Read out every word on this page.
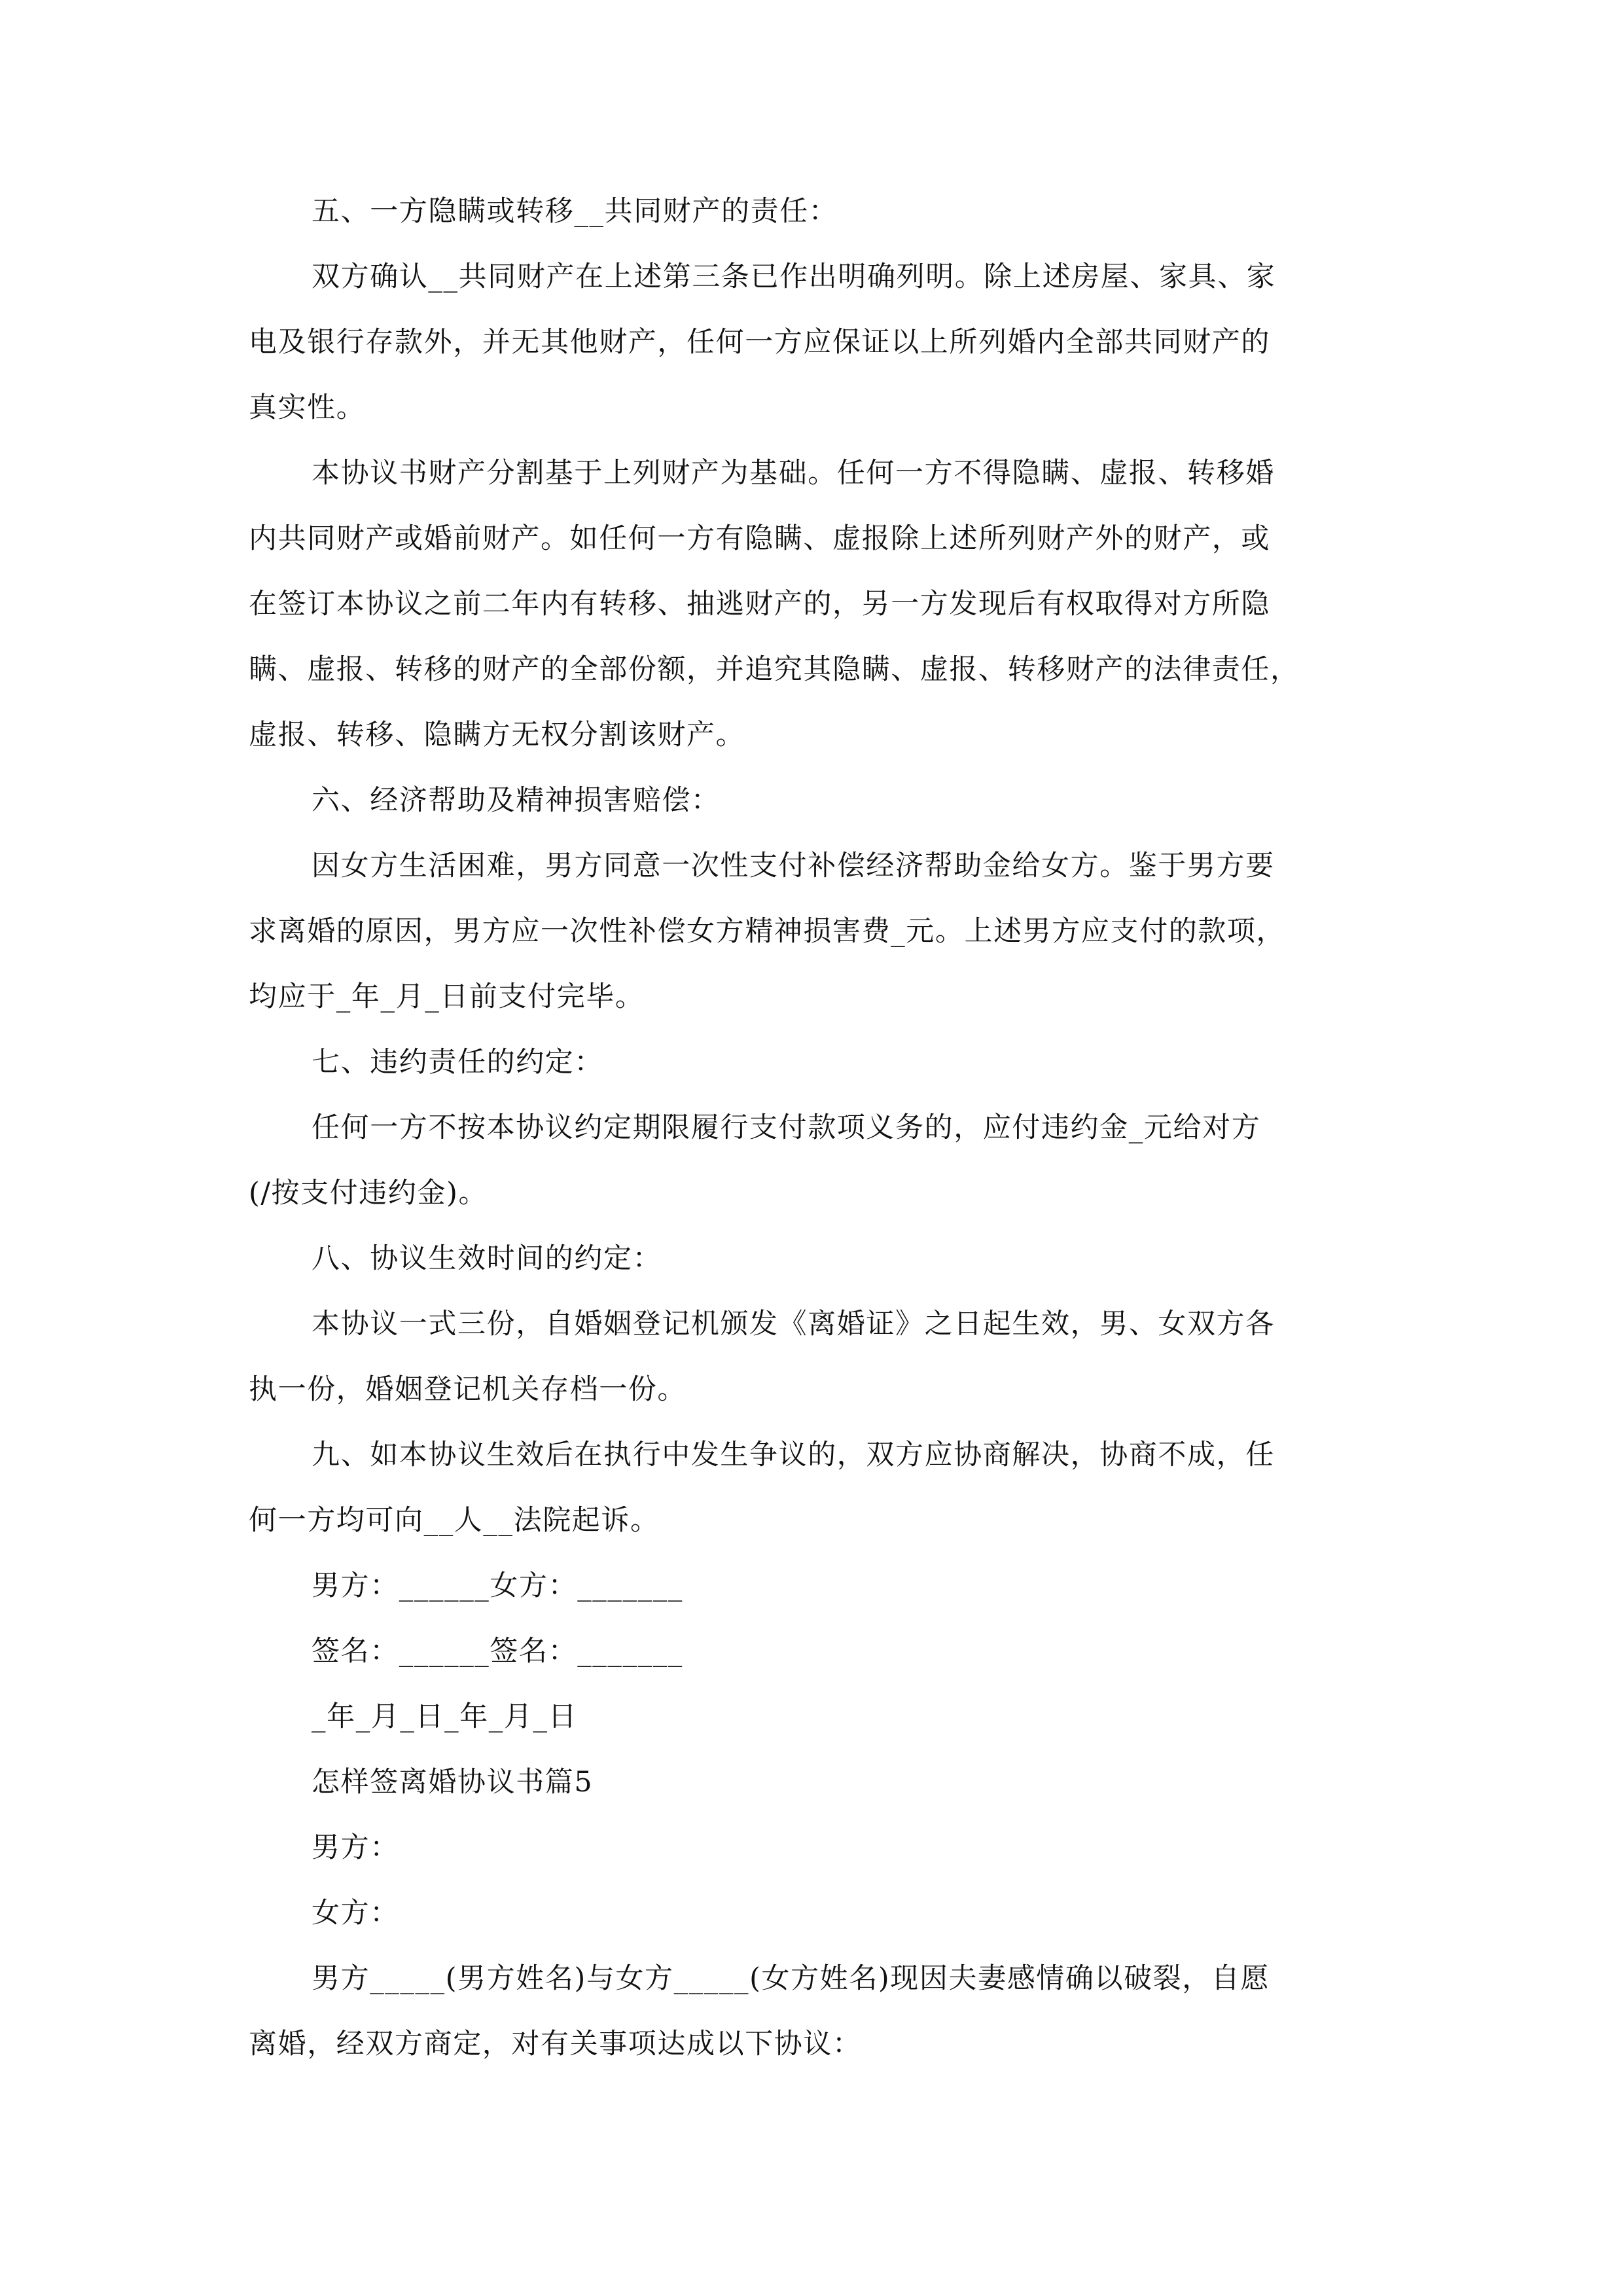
五、一方隐瞒或转移__共同财产的责任：
双方确认__共同财产在上述第三条已作出明确列明。除上述房屋、家具、家
电及银行存款外，并无其他财产，任何一方应保证以上所列婚内全部共同财产的
真实性。
本协议书财产分割基于上列财产为基础。任何一方不得隐瞒、虚报、转移婚
内共同财产或婚前财产。如任何一方有隐瞒、虚报除上述所列财产外的财产，或
在签订本协议之前二年内有转移、抽逃财产的，另一方发现后有权取得对方所隐
瞒、虚报、转移的财产的全部份额，并追究其隐瞒、虚报、转移财产的法律责任，
虚报、转移、隐瞒方无权分割该财产。
六、经济帮助及精神损害赔偿：
因女方生活困难，男方同意一次性支付补偿经济帮助金给女方。鉴于男方要
求离婚的原因，男方应一次性补偿女方精神损害费_元。上述男方应支付的款项，
均应于_年_月_日前支付完毕。
七、违约责任的约定：
任何一方不按本协议约定期限履行支付款项义务的，应付违约金_元给对方
(/按支付违约金)。
八、协议生效时间的约定：
本协议一式三份，自婚姻登记机颁发《离婚证》之日起生效，男、女双方各
执一份，婚姻登记机关存档一份。
九、如本协议生效后在执行中发生争议的，双方应协商解决，协商不成，任
何一方均可向__人__法院起诉。
男方：______女方：_______
签名：______签名：_______
_年_月_日_年_月_日
怎样签离婚协议书篇5
男方：
女方：
男方_____(男方姓名)与女方_____(女方姓名)现因夫妻感情确以破裂，自愿
离婚，经双方商定，对有关事项达成以下协议：
